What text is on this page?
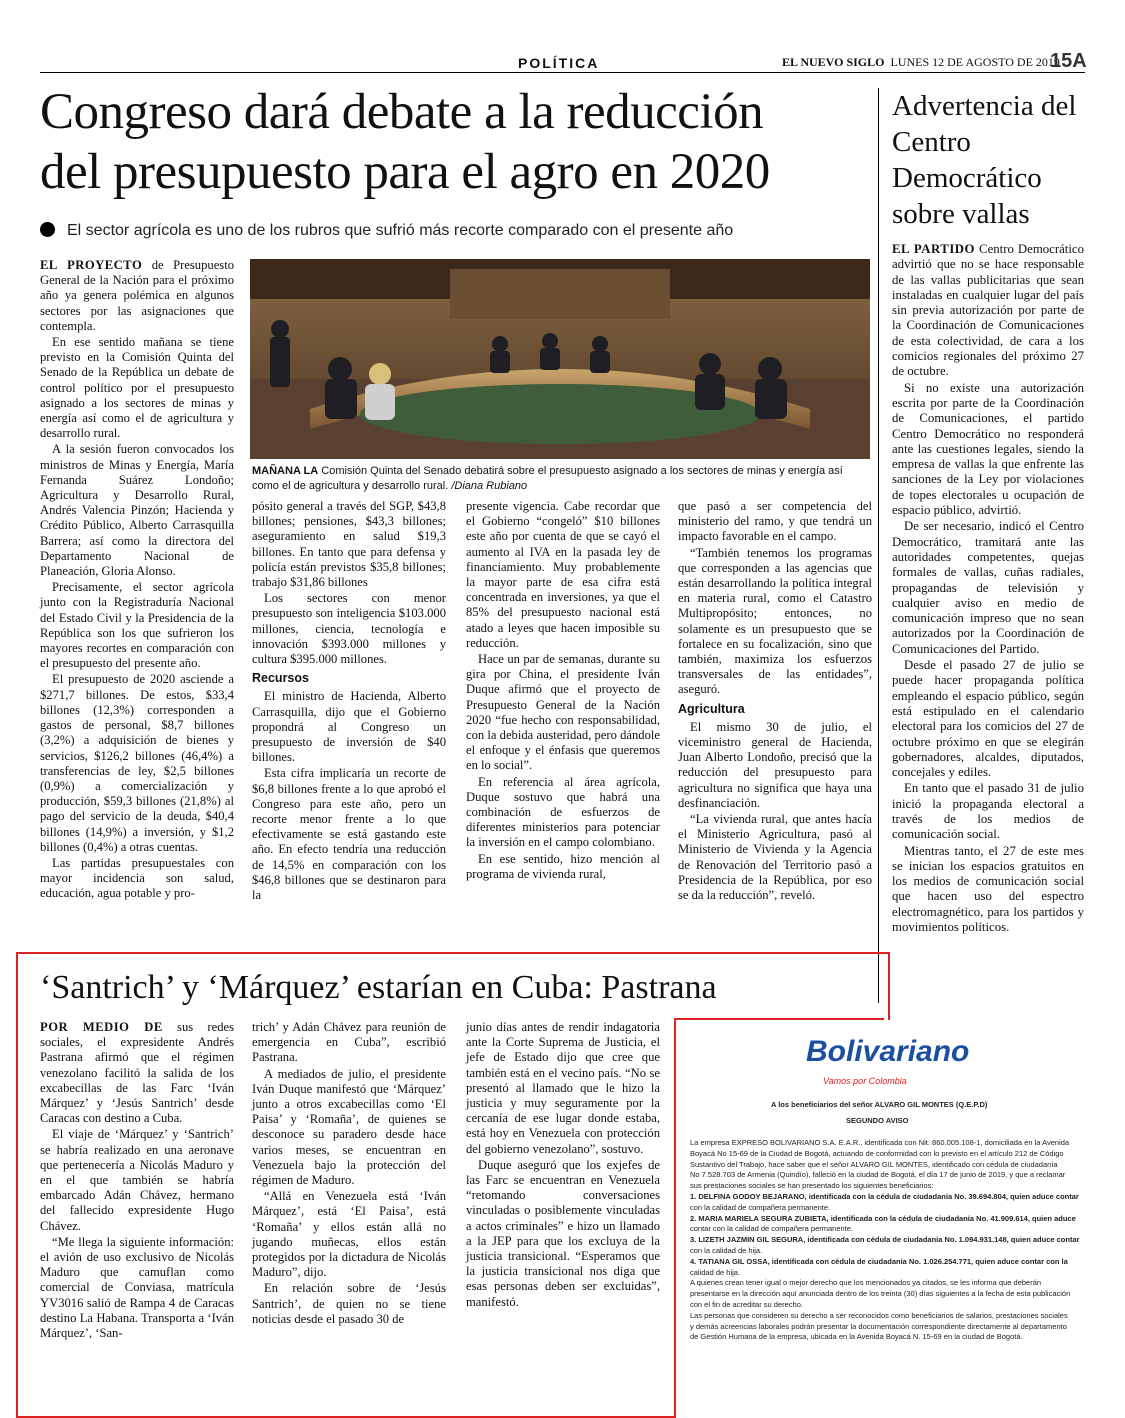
POLÍTICA	EL NUEVO SIGLO LUNES 12 DE AGOSTO DE 2019
15A
Congreso dará debate a la reducción
del presupuesto para el agro en 2020
El sector agrícola es uno de los rubros que sufrió más recorte comparado con el presente año

EL PROYECTO de Presupuesto General de la Nación para el próximo año ya genera polémica en algunos sectores por las asignaciones que contempla.

En ese sentido mañana se tiene previsto en la Comisión Quinta del Senado de la República un debate de control político por el presupuesto asignado a los sectores de minas y energía así como el de agricultura y desarrollo rural.

A la sesión fueron convocados los ministros de Minas y Energía, María Fernanda Suárez Londoño; Agricultura y Desarrollo Rural, Andrés Valencia Pinzón; Hacienda y Crédito Público, Alberto Carrasquilla Barrera; así como la directora del Departamento Nacional de Planeación, Gloria Alonso.

Precisamente, el sector agrícola junto con la Registraduría Nacional del Estado Civil y la Presidencia de la República son los que sufrieron los mayores recortes en comparación con el presupuesto del presente año.

El presupuesto de 2020 asciende a $271,7 billones. De estos, $33,4 billones (12,3%) corresponden a gastos de personal, $8,7 billones (3,2%) a adquisición de bienes y servicios, $126,2 billones (46,4%) a transferencias de ley, $2,5 billones (0,9%) a comercialización y producción, $59,3 billones (21,8%) al pago del servicio de la deuda, $40,4 billones (14,9%) a inversión, y $1,2 billones (0,4%) a otras cuentas.

Las partidas presupuestales con mayor incidencia son salud, educación, agua potable y pro-

MAÑANA LA Comisión Quinta del Senado debatirá sobre el presupuesto asignado a los sectores de minas y energía así como el de agricultura y desarrollo rural. /Diana Rubiano

pósito general a través del SGP, $43,8 billones; pensiones, $43,3 billones; aseguramiento en salud $19,3 billones. En tanto que para defensa y policía están previstos $35,8 billones; trabajo $31,86 billones

Los sectores con menor presupuesto son inteligencia $103.000 millones, ciencia, tecnología e innovación $393.000 millones y cultura $395.000 millones.

Recursos

El ministro de Hacienda, Alberto Carrasquilla, dijo que el Gobierno propondrá al Congreso un presupuesto de inversión de $40 billones.

Esta cifra implicaría un recorte de $6,8 billones frente a lo que aprobó el Congreso para este año, pero un recorte menor frente a lo que efectivamente se está gastando este año. En efecto tendría una reducción de 14,5% en comparación con los $46,8 billones que se destinaron para la

presente vigencia. Cabe recordar que el Gobierno “congeló” $10 billones este año por cuenta de que se cayó el aumento al IVA en la pasada ley de financiamiento. Muy probablemente la mayor parte de esa cifra está concentrada en inversiones, ya que el 85% del presupuesto nacional está atado a leyes que hacen imposible su reducción.

Hace un par de semanas, durante su gira por China, el presidente Iván Duque afirmó que el proyecto de Presupuesto General de la Nación 2020 “fue hecho con responsabilidad, con la debida austeridad, pero dándole el enfoque y el énfasis que queremos en lo social”.

En referencia al área agrícola, Duque sostuvo que habrá una combinación de esfuerzos de diferentes ministerios para potenciar la inversión en el campo colombiano.

En ese sentido, hizo mención al programa de vivienda rural,

que pasó a ser competencia del ministerio del ramo, y que tendrá un impacto favorable en el campo.

“También tenemos los programas que corresponden a las agencias que están desarrollando la política integral en materia rural, como el Catastro Multipropósito; entonces, no solamente es un presupuesto que se fortalece en su focalización, sino que también, maximiza los esfuerzos transversales de las entidades”, aseguró.

Agricultura

El mismo 30 de julio, el viceministro general de Hacienda, Juan Alberto Londoño, precisó que la reducción del presupuesto para agricultura no significa que haya una desfinanciación.

“La vivienda rural, que antes hacía el Ministerio Agricultura, pasó al Ministerio de Vivienda y la Agencia de Renovación del Territorio pasó a Presidencia de la República, por eso se da la reducción”, reveló.

Advertencia del Centro Democrático sobre vallas

EL PARTIDO Centro Democrático advirtió que no se hace responsable de las vallas publicitarias que sean instaladas en cualquier lugar del país sin previa autorización por parte de la Coordinación de Comunicaciones de esta colectividad, de cara a los comicios regionales del próximo 27 de octubre.

Si no existe una autorización escrita por parte de la Coordinación de Comunicaciones, el partido Centro Democrático no responderá ante las cuestiones legales, siendo la empresa de vallas la que enfrente las sanciones de la Ley por violaciones de topes electorales u ocupación de espacio público, advirtió.

De ser necesario, indicó el Centro Democrático, tramitará ante las autoridades competentes, quejas formales de vallas, cuñas radiales, propagandas de televisión y cualquier aviso en medio de comunicación impreso que no sean autorizados por la Coordinación de Comunicaciones del Partido.

Desde el pasado 27 de julio se puede hacer propaganda política empleando el espacio público, según está estipulado en el calendario electoral para los comicios del 27 de octubre próximo en que se elegirán gobernadores, alcaldes, diputados, concejales y ediles.

En tanto que el pasado 31 de julio inició la propaganda electoral a través de los medios de comunicación social.

Mientras tanto, el 27 de este mes se inician los espacios gratuitos en los medios de comunicación social que hacen uso del espectro electromagnético, para los partidos y movimientos políticos.

‘Santrich’ y ‘Márquez’ estarían en Cuba: Pastrana

POR MEDIO DE sus redes sociales, el expresidente Andrés Pastrana afirmó que el régimen venezolano facilitó la salida de los excabecillas de las Farc ‘Iván Márquez’ y ‘Jesús Santrich’ desde Caracas con destino a Cuba.

El viaje de ‘Márquez’ y ‘Santrich’ se habría realizado en una aeronave que pertenecería a Nicolás Maduro y en el que también se habría embarcado Adán Chávez, hermano del fallecido expresidente Hugo Chávez.

“Me llega la siguiente información: el avión de uso exclusivo de Nicolás Maduro que camuflan como comercial de Conviasa, matrícula YV3016 salió de Rampa 4 de Caracas destino La Habana. Transporta a ‘Iván Márquez’, ‘San-

trich’ y Adán Chávez para reunión de emergencia en Cuba”, escribió Pastrana.

A mediados de julio, el presidente Iván Duque manifestó que ‘Márquez’ junto a otros excabecillas como ‘El Paisa’ y ‘Romaña’, de quienes se desconoce su paradero desde hace varios meses, se encuentran en Venezuela bajo la protección del régimen de Maduro.

“Allá en Venezuela está ‘Iván Márquez’, está ‘El Paisa’, está ‘Romaña’ y ellos están allá no jugando muñecas, ellos están protegidos por la dictadura de Nicolás Maduro”, dijo.

En relación sobre de ‘Jesús Santrich’, de quien no se tiene noticias desde el pasado 30 de

junio días antes de rendir indagatoria ante la Corte Suprema de Justicia, el jefe de Estado dijo que cree que también está en el vecino país. “No se presentó al llamado que le hizo la justicia y muy seguramente por la cercanía de ese lugar donde estaba, está hoy en Venezuela con protección del gobierno venezolano”, sostuvo.

Duque aseguró que los exjefes de las Farc se encuentran en Venezuela “retomando conversaciones vinculadas o posiblemente vinculadas a actos criminales” e hizo un llamado a la JEP para que los excluya de la justicia transicional. “Esperamos que la justicia transicional nos diga que esas personas deben ser excluidas”, manifestó.

Bolivariano
Vamos por Colombia
A los beneficiarios del señor ALVARO GIL MONTES (Q.E.P.D)
SEGUNDO AVISO
La empresa EXPRESO BOLIVARIANO S.A. E.A.R., identificada con Nit. 860.005.108-1, domiciliada en la Avenida
Boyacá No 15-69 de la Ciudad de Bogotá, actuando de conformidad con lo previsto en el artículo 212 de Código
Sustantivo del Trabajo, hace saber que el señor ALVARO GIL MONTES, identificado con cédula de ciudadanía
No 7.528.703 de Armenia (Quindío), falleció en la ciudad de Bogotá, el día 17 de junio de 2019, y que a reclamar
sus prestaciones sociales se han presentado los siguientes beneficiarios:
1. DELFINA GODOY BEJARANO, identificada con la cédula de ciudadanía No. 39.694.804, quien aduce contar
con la calidad de compañera permanente.
2. MARIA MARIELA SEGURA ZUBIETA, identificada con la cédula de ciudadanía No. 41.909.614, quien aduce
contar con la calidad de compañera permanente.
3. LIZETH JAZMIN GIL SEGURA, identificada con cédula de ciudadanía No. 1.094.931.148, quien aduce contar
con la calidad de hija.
4. TATIANA GIL OSSA, identificada con cédula de ciudadanía No. 1.026.254.771, quien aduce contar con la
calidad de hija.
A quienes crean tener igual o mejor derecho que los mencionados ya citados, se les informa que deberán
presentarse en la dirección aquí anunciada dentro de los treinta (30) días siguientes a la fecha de esta publicación
con el fin de acreditar su derecho.
Las personas que consideren su derecho a ser reconocidos como beneficiarios de salarios, prestaciones sociales
y demás acreencias laborales podrán presentar la documentación correspondiente directamente al departamento
de Gestión Humana de la empresa, ubicada en la Avenida Boyacá N. 15-69 en la ciudad de Bogotá.
